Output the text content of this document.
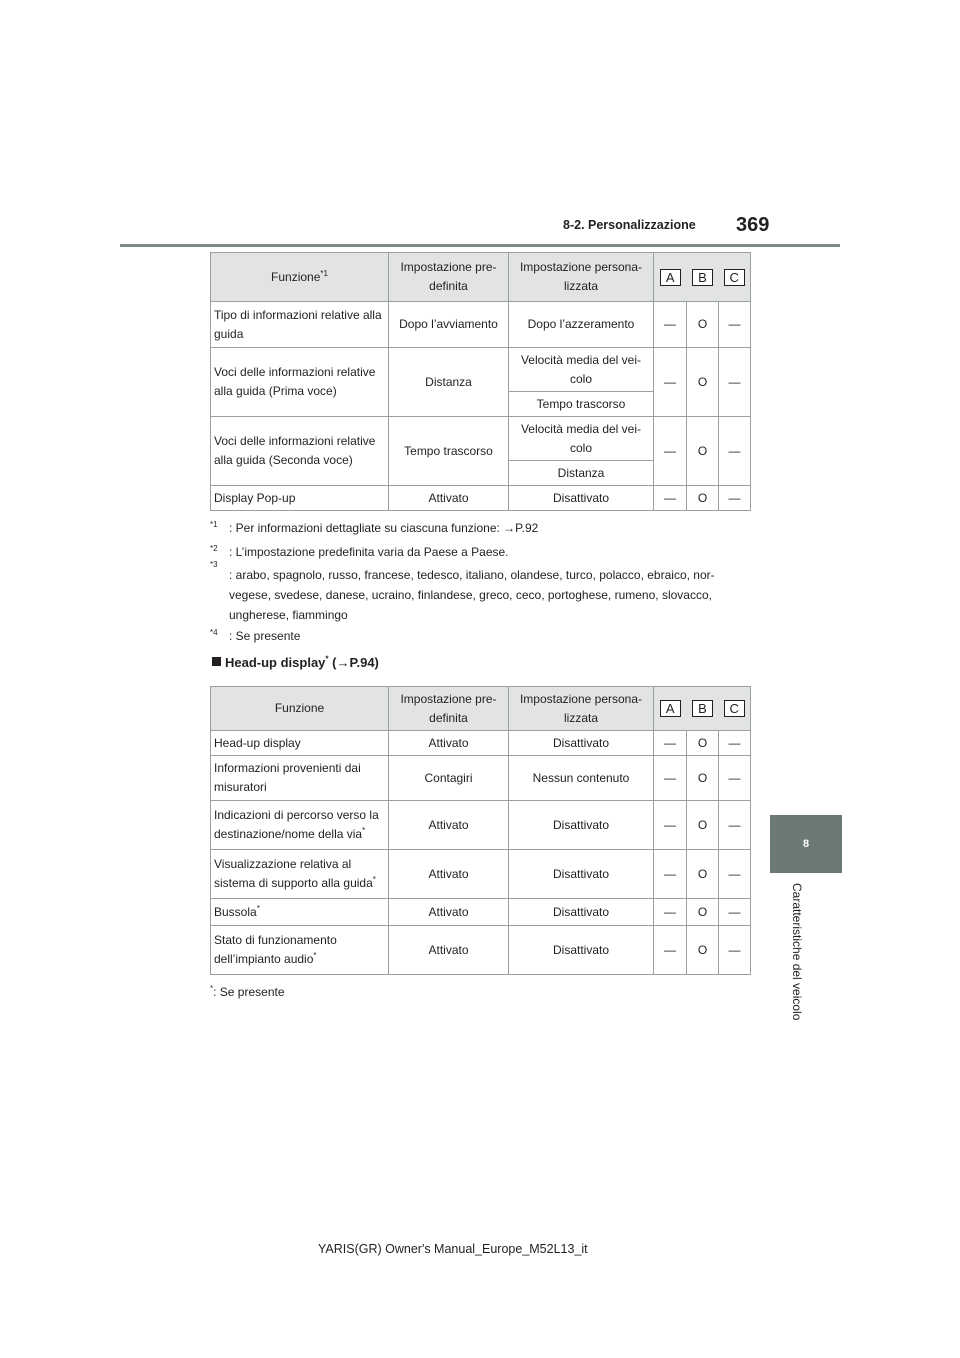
8-2. Personalizzazione 369
8
Caratteristiche del veicolo
Funzione$^{*1}$	Impostazione pre-definita	Impostazione persona-lizzata	A	B	C
Tipo di informazioni relative alla guida	Dopo l’avviamento	Dopo l’azzeramento	—	O	—
Voci delle informazioni relative alla guida (Prima voce)	Distanza	Velocità media del vei-colo	—	O	—
		Tempo trascorso			
Voci delle informazioni relative alla guida (Seconda voce)	Tempo trascorso	Velocità media del vei-colo	—	O	—
		Distanza			
Display Pop-up	Attivato	Disattivato	—	O	—
$^{*1}$ : Per informazioni dettagliate su ciascuna funzione: →P.92
$^{*2}$ : L’impostazione predefinita varia da Paese a Paese.
$^{*3}$: arabo, spagnolo, russo, francese, tedesco, italiano, olandese, turco, polacco, ebraico, nor-vegese, svedese, danese, ucraino, finlandese, greco, ceco, portoghese, rumeno, slovacco, ungherese, fiammingo
$^{*4}$ : Se presente
Head-up display* (→P.94)
Funzione	Impostazione pre-definita	Impostazione persona-lizzata	A	B	C
Head-up display	Attivato	Disattivato	—	O	—
Informazioni provenienti dai misuratori	Contagiri	Nessun contenuto	—	O	—
Indicazioni di percorso verso la destinazione/nome della via*	Attivato	Disattivato	—	O	—
Visualizzazione relativa al sistema di supporto alla guida*	Attivato	Disattivato	—	O	—
Bussola*	Attivato	Disattivato	—	O	—
Stato di funzionamento dell’impianto audio*	Attivato	Disattivato	—	O	—
*: Se presente
YARIS(GR) Owner's Manual_Europe_M52L13_it
